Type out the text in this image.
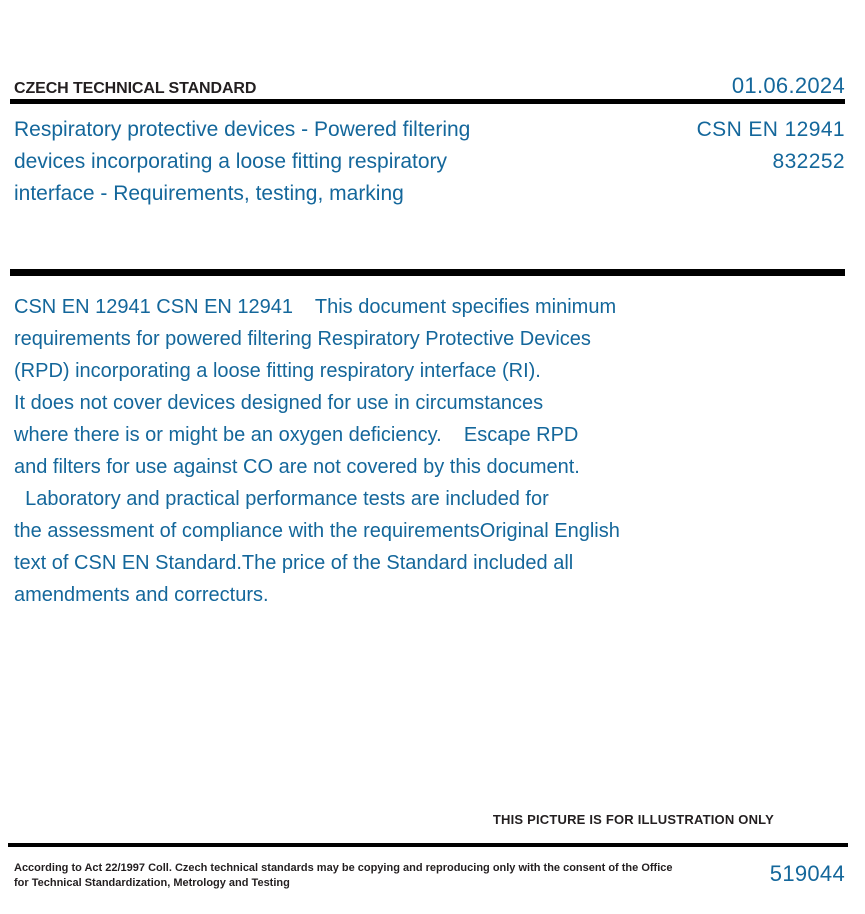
CZECH TECHNICAL STANDARD	01.06.2024
Respiratory protective devices - Powered filtering
devices incorporating a loose fitting respiratory
interface - Requirements, testing, marking
CSN EN 12941
832252
CSN EN 12941 CSN EN 12941    This document specifies minimum
requirements for powered filtering Respiratory Protective Devices
(RPD) incorporating a loose fitting respiratory interface (RI).
It does not cover devices designed for use in circumstances
where there is or might be an oxygen deficiency.    Escape RPD
and filters for use against CO are not covered by this document.
Laboratory and practical performance tests are included for
the assessment of compliance with the requirementsOriginal English
text of CSN EN Standard.The price of the Standard included all
amendments and correcturs.
THIS PICTURE IS FOR ILLUSTRATION ONLY
According to Act 22/1997 Coll. Czech technical standards may be copying and reproducing only with the consent of the Office
for Technical Standardization, Metrology and Testing	519044
